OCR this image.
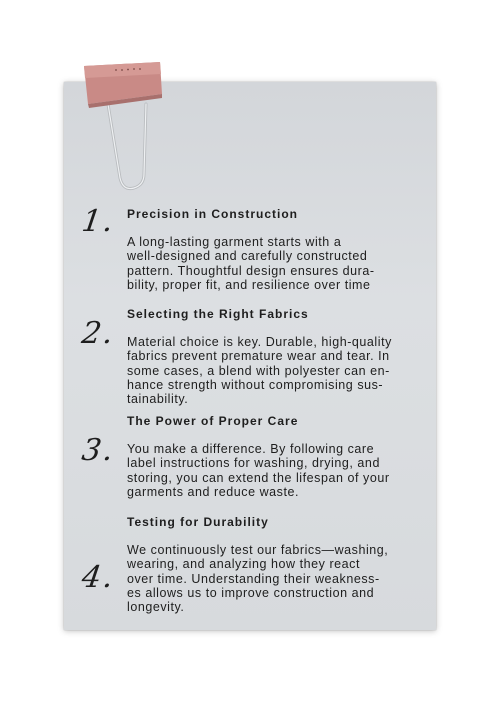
1. Precision in Construction
A long-lasting garment starts with a
well-designed and carefully constructed
pattern. Thoughtful design ensures dura-
bility, proper fit, and resilience over time
2.
Selecting the Right Fabrics
Material choice is key. Durable, high-quality
fabrics prevent premature wear and tear. In
some cases, a blend with polyester can en-
hance strength without compromising sus-
tainability.
3.
The Power of Proper Care
You make a difference. By following care
label instructions for washing, drying, and
storing, you can extend the lifespan of your
garments and reduce waste.
4.
Testing for Durability
We continuously test our fabrics—washing,
wearing, and analyzing how they react
over time. Understanding their weakness-
es allows us to improve construction and
longevity.
